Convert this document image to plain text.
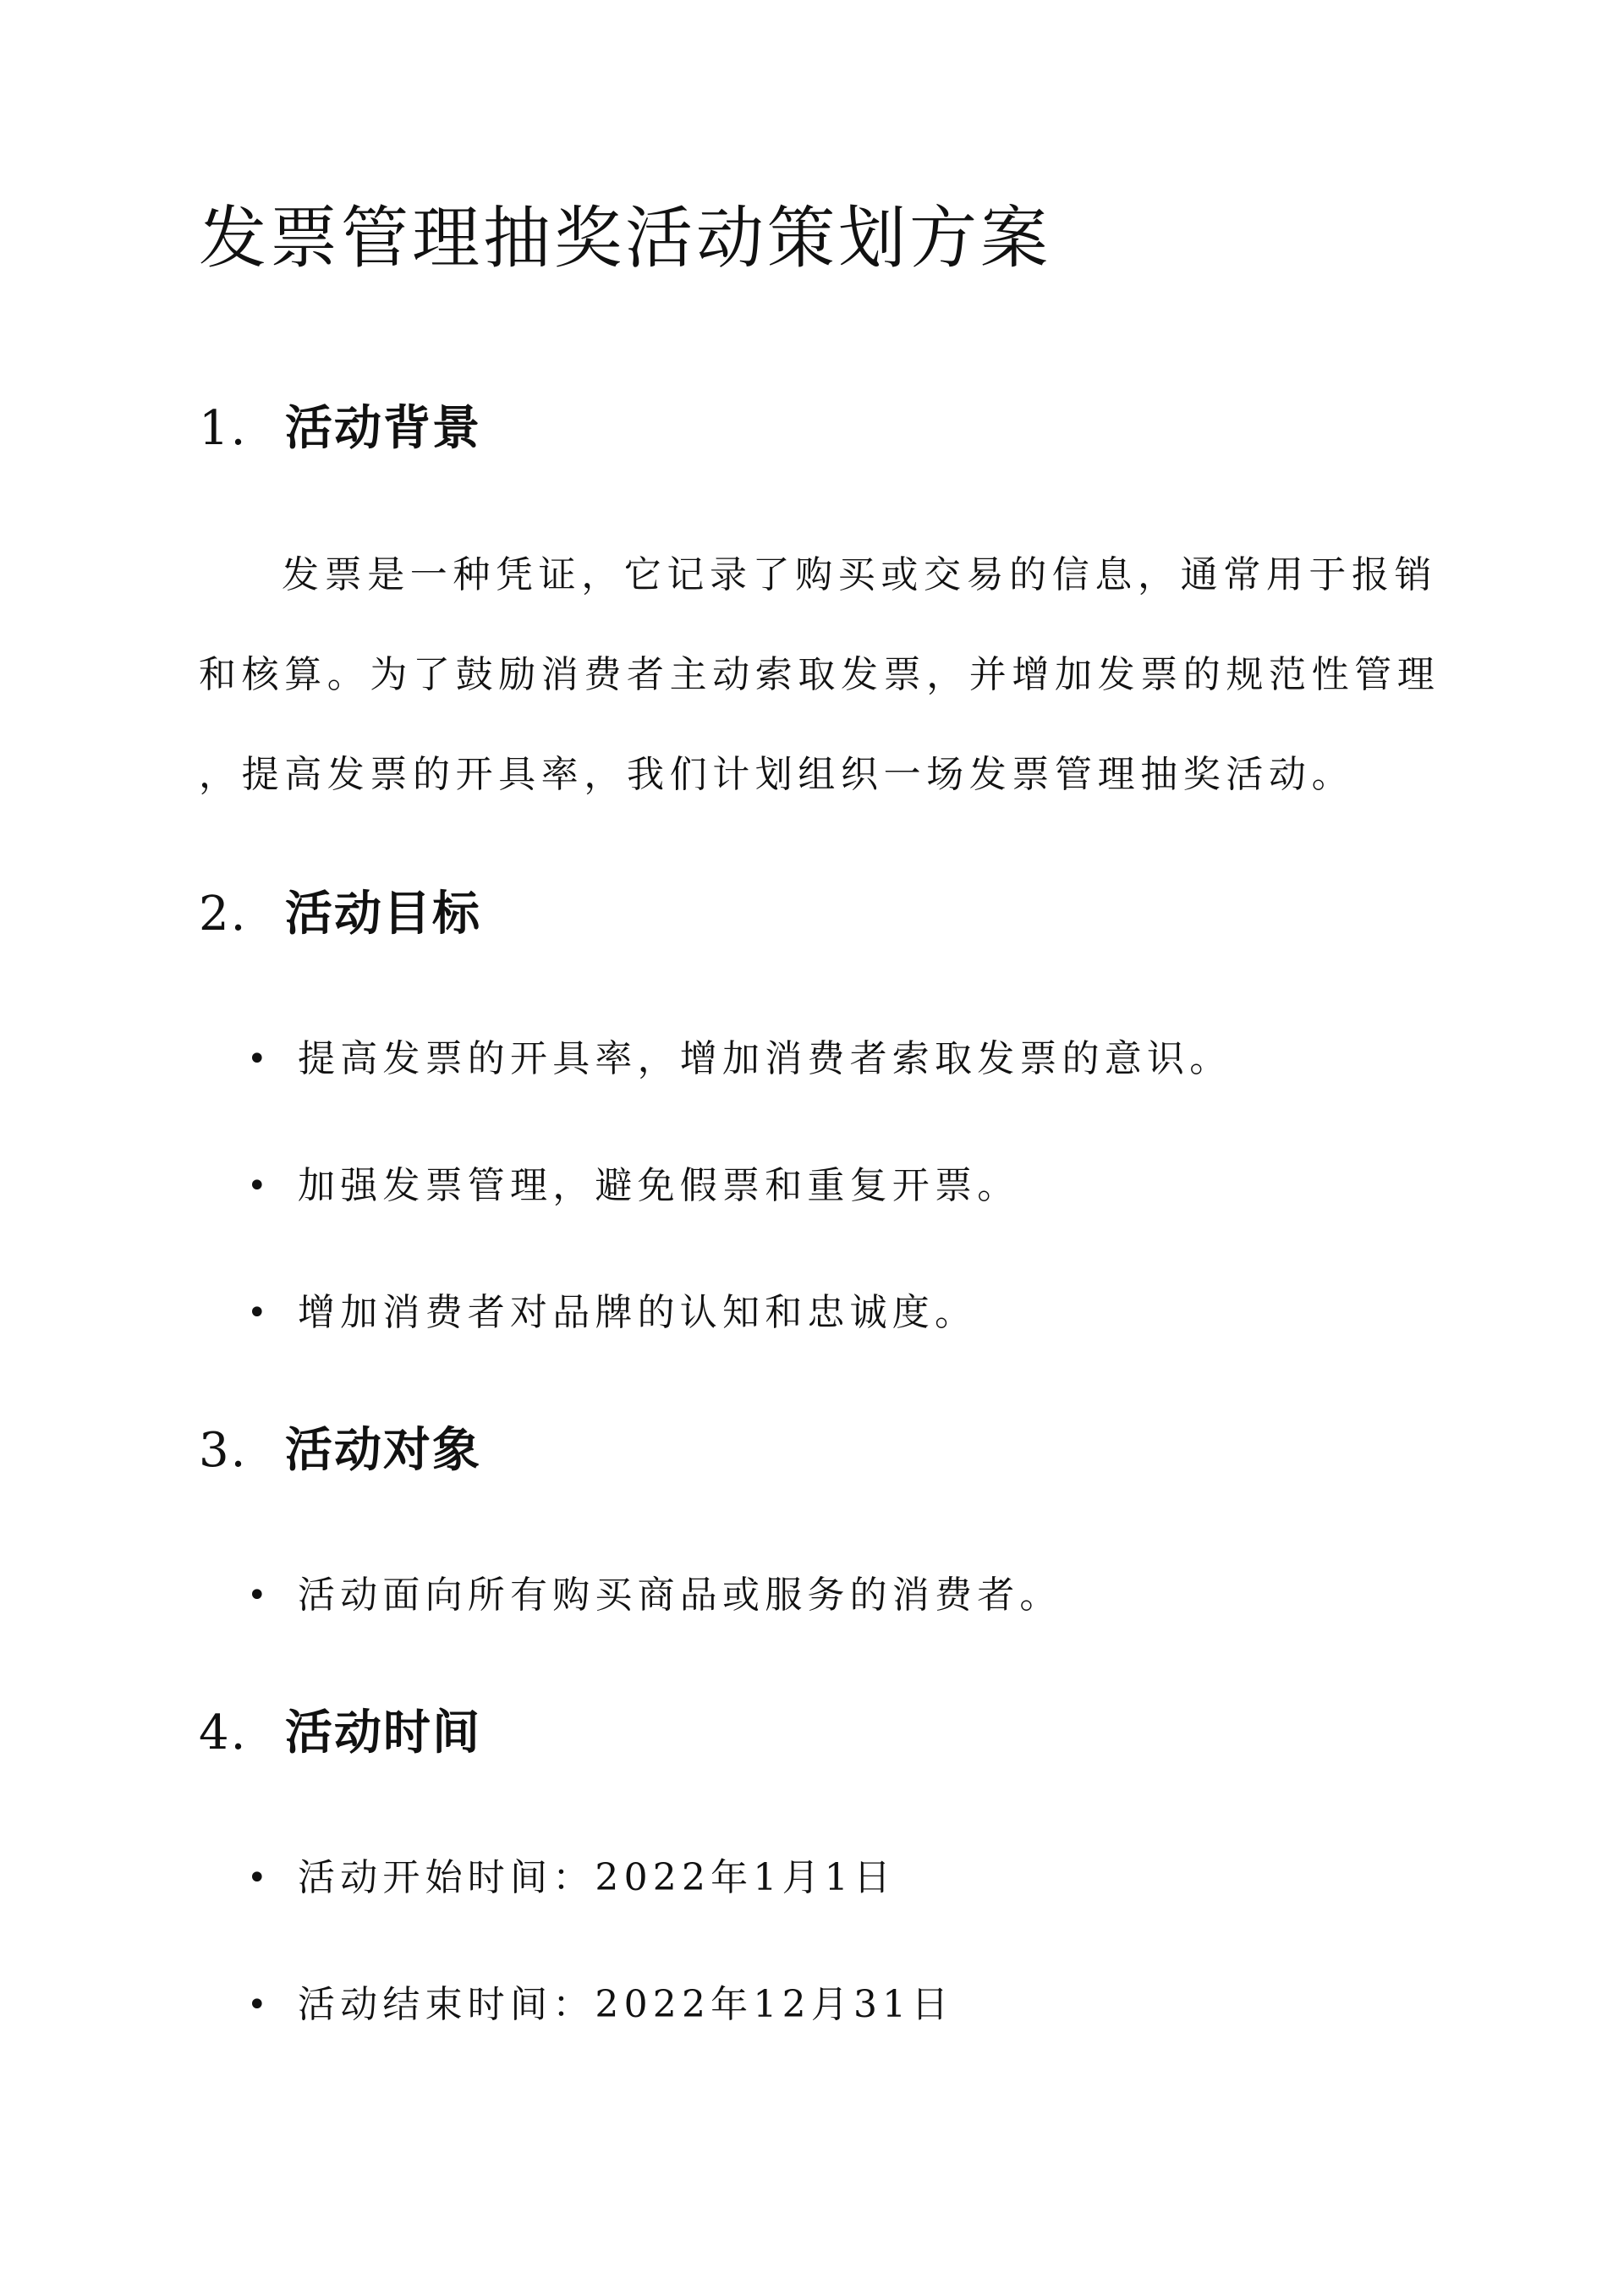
发票管理抽奖活动策划方案
1. 活动背景

发票是一种凭证，它记录了购买或交易的信息，通常用于报销

和核算。为了鼓励消费者主动索取发票，并增加发票的规范性管理

，提高发票的开具率，我们计划组织一场发票管理抽奖活动。

2. 活动目标
• 提高发票的开具率，增加消费者索取发票的意识。
• 加强发票管理，避免假票和重复开票。
• 增加消费者对品牌的认知和忠诚度。
3. 活动对象
• 活动面向所有购买商品或服务的消费者。
4. 活动时间
• 活动开始时间：2022年1月1日
• 活动结束时间：2022年12月31日
